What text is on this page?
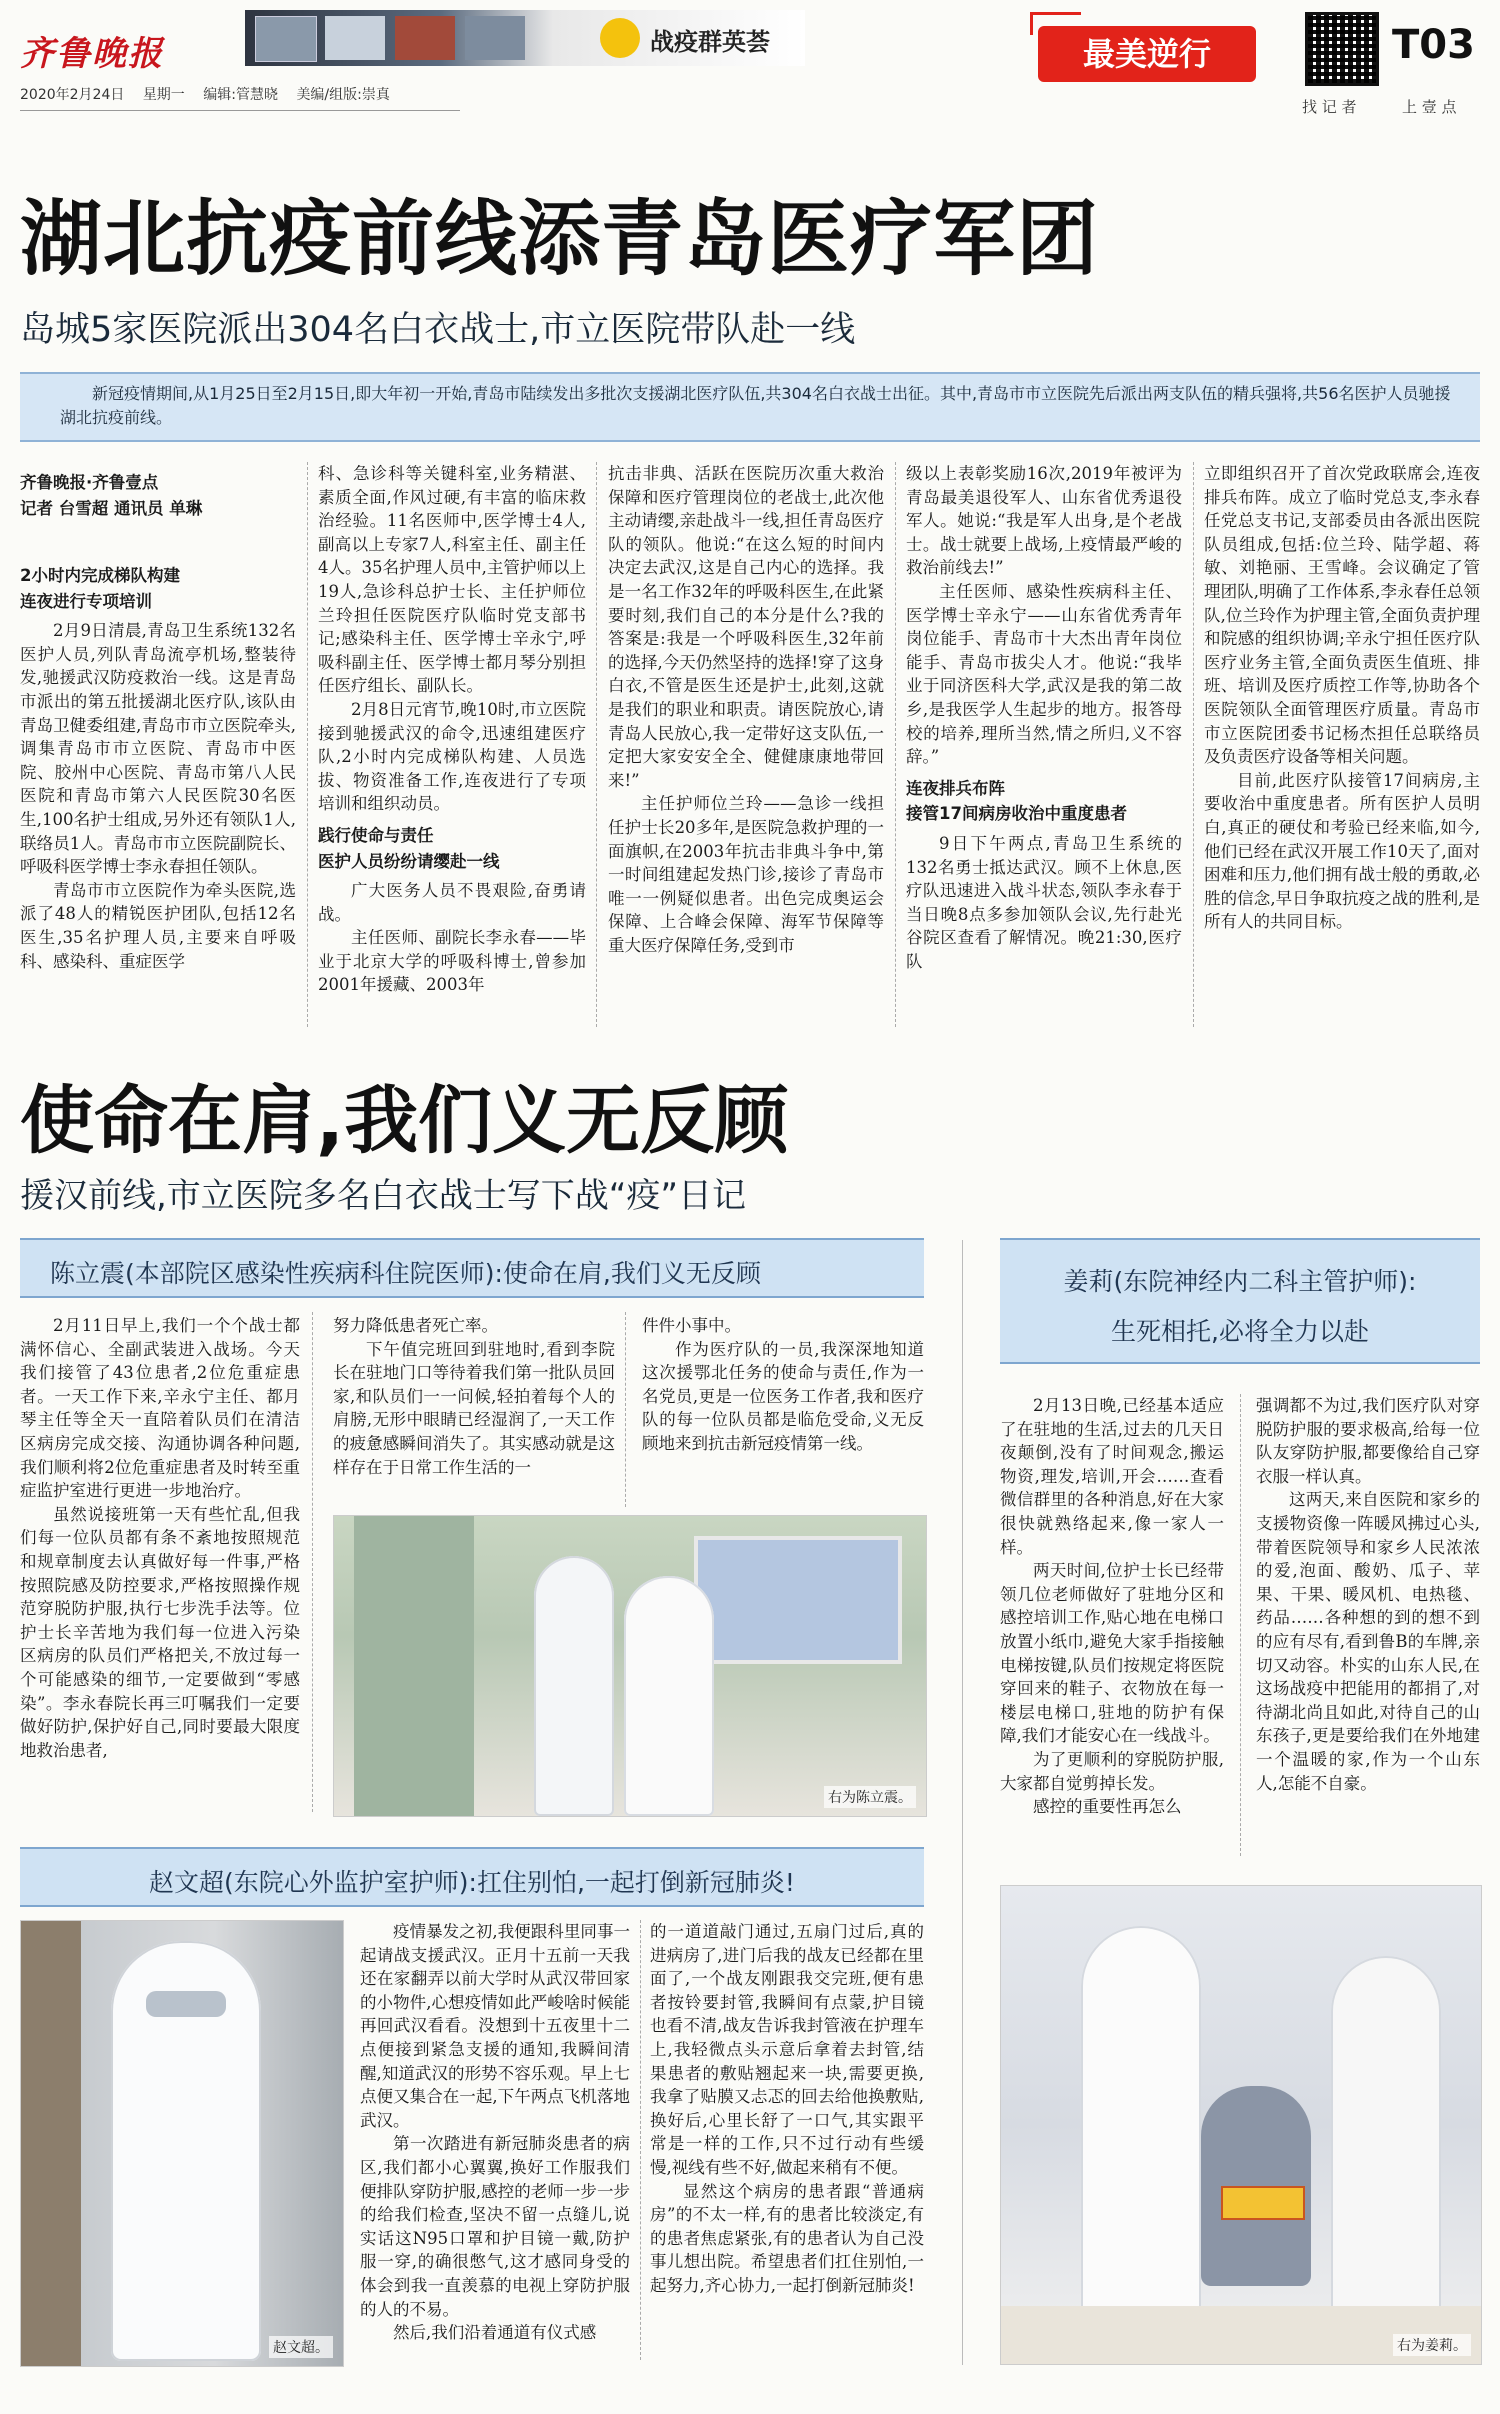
齐鲁晚报	战疫群英荟	最美逆行	T03
找 记 者	上 壹 点
2020年2月24日 星期一 编辑:管慧晓 美编/组版:崇真
湖北抗疫前线添青岛医疗军团
岛城5家医院派出304名白衣战士,市立医院带队赴一线
新冠疫情期间,从1月25日至2月15日,即大年初一开始,青岛市陆续发出多批次支援湖北医疗队伍,共304名白衣战士出征。其中,青岛市市立医院先后派出两支队伍的精兵强将,共56名医护人员驰援湖北抗疫前线。
齐鲁晚报·齐鲁壹点
记者 台雪超 通讯员 单琳

2小时内完成梯队构建

连夜进行专项培训

2月9日清晨,青岛卫生系统132名医护人员,列队青岛流亭机场,整装待发,驰援武汉防疫救治一线。这是青岛市派出的第五批援湖北医疗队,该队由青岛卫健委组建,青岛市市立医院牵头,调集青岛市市立医院、青岛市中医院、胶州中心医院、青岛市第八人民医院和青岛市第六人民医院30名医生,100名护士组成,另外还有领队1人,联络员1人。青岛市市立医院副院长、呼吸科医学博士李永春担任领队。

青岛市市立医院作为牵头医院,选派了48人的精锐医护团队,包括12名医生,35名护理人员,主要来自呼吸科、感染科、重症医学

科、急诊科等关键科室,业务精湛、素质全面,作风过硬,有丰富的临床救治经验。11名医师中,医学博士4人,副高以上专家7人,科室主任、副主任4人。35名护理人员中,主管护师以上19人,急诊科总护士长、主任护师位兰玲担任医院医疗队临时党支部书记;感染科主任、医学博士辛永宁,呼吸科副主任、医学博士都月琴分别担任医疗组长、副队长。

2月8日元宵节,晚10时,市立医院接到驰援武汉的命令,迅速组建医疗队,2小时内完成梯队构建、人员选拔、物资准备工作,连夜进行了专项培训和组织动员。

践行使命与责任

医护人员纷纷请缨赴一线

广大医务人员不畏艰险,奋勇请战。

主任医师、副院长李永春——毕业于北京大学的呼吸科博士,曾参加2001年援藏、2003年

抗击非典、活跃在医院历次重大救治保障和医疗管理岗位的老战士,此次他主动请缨,亲赴战斗一线,担任青岛医疗队的领队。他说:“在这么短的时间内决定去武汉,这是自己内心的选择。我是一名工作32年的呼吸科医生,在此紧要时刻,我们自己的本分是什么?我的答案是:我是一个呼吸科医生,32年前的选择,今天仍然坚持的选择!穿了这身白衣,不管是医生还是护士,此刻,这就是我们的职业和职责。请医院放心,请青岛人民放心,我一定带好这支队伍,一定把大家安安全全、健健康康地带回来!”

主任护师位兰玲——急诊一线担任护士长20多年,是医院急救护理的一面旗帜,在2003年抗击非典斗争中,第一时间组建起发热门诊,接诊了青岛市唯一一例疑似患者。出色完成奥运会保障、上合峰会保障、海军节保障等重大医疗保障任务,受到市

级以上表彰奖励16次,2019年被评为青岛最美退役军人、山东省优秀退役军人。她说:“我是军人出身,是个老战士。战士就要上战场,上疫情最严峻的救治前线去!”

主任医师、感染性疾病科主任、医学博士辛永宁——山东省优秀青年岗位能手、青岛市十大杰出青年岗位能手、青岛市拔尖人才。他说:“我毕业于同济医科大学,武汉是我的第二故乡,是我医学人生起步的地方。报答母校的培养,理所当然,情之所归,义不容辞。”

连夜排兵布阵

接管17间病房收治中重度患者

9日下午两点,青岛卫生系统的132名勇士抵达武汉。顾不上休息,医疗队迅速进入战斗状态,领队李永春于当日晚8点多参加领队会议,先行赴光谷院区查看了解情况。晚21:30,医疗队

立即组织召开了首次党政联席会,连夜排兵布阵。成立了临时党总支,李永春任党总支书记,支部委员由各派出医院队员组成,包括:位兰玲、陆学超、蒋敏、刘艳丽、王雪峰。会议确定了管理团队,明确了工作体系,李永春任总领队,位兰玲作为护理主管,全面负责护理和院感的组织协调;辛永宁担任医疗队医疗业务主管,全面负责医生值班、排班、培训及医疗质控工作等,协助各个医院领队全面管理医疗质量。青岛市市立医院团委书记杨杰担任总联络员及负责医疗设备等相关问题。

目前,此医疗队接管17间病房,主要收治中重度患者。所有医护人员明白,真正的硬仗和考验已经来临,如今,他们已经在武汉开展工作10天了,面对困难和压力,他们拥有战士般的勇敢,必胜的信念,早日争取抗疫之战的胜利,是所有人的共同目标。

使命在肩,我们义无反顾
援汉前线,市立医院多名白衣战士写下战“疫”日记
陈立震(本部院区感染性疾病科住院医师):使命在肩,我们义无反顾

2月11日早上,我们一个个战士都满怀信心、全副武装进入战场。今天我们接管了43位患者,2位危重症患者。一天工作下来,辛永宁主任、都月琴主任等全天一直陪着队员们在清洁区病房完成交接、沟通协调各种问题,我们顺利将2位危重症患者及时转至重症监护室进行更进一步地治疗。

虽然说接班第一天有些忙乱,但我们每一位队员都有条不紊地按照规范和规章制度去认真做好每一件事,严格按照院感及防控要求,严格按照操作规范穿脱防护服,执行七步洗手法等。位护士长辛苦地为我们每一位进入污染区病房的队员们严格把关,不放过每一个可能感染的细节,一定要做到“零感染”。李永春院长再三叮嘱我们一定要做好防护,保护好自己,同时要最大限度地救治患者,

努力降低患者死亡率。

下午值完班回到驻地时,看到李院长在驻地门口等待着我们第一批队员回家,和队员们一一问候,轻拍着每个人的肩膀,无形中眼睛已经湿润了,一天工作的疲惫感瞬间消失了。其实感动就是这样存在于日常工作生活的一

件件小事中。

作为医疗队的一员,我深深地知道这次援鄂北任务的使命与责任,作为一名党员,更是一位医务工作者,我和医疗队的每一位队员都是临危受命,义无反顾地来到抗击新冠疫情第一线。

右为陈立震。
姜莉(东院神经内二科主管护师):
生死相托,必将全力以赴

2月13日晚,已经基本适应了在驻地的生活,过去的几天日夜颠倒,没有了时间观念,搬运物资,理发,培训,开会……查看微信群里的各种消息,好在大家很快就熟络起来,像一家人一样。

两天时间,位护士长已经带领几位老师做好了驻地分区和感控培训工作,贴心地在电梯口放置小纸巾,避免大家手指接触电梯按键,队员们按规定将医院穿回来的鞋子、衣物放在每一楼层电梯口,驻地的防护有保障,我们才能安心在一线战斗。

为了更顺利的穿脱防护服,大家都自觉剪掉长发。

感控的重要性再怎么

强调都不为过,我们医疗队对穿脱防护服的要求极高,给每一位队友穿防护服,都要像给自己穿衣服一样认真。

这两天,来自医院和家乡的支援物资像一阵暖风拂过心头,带着医院领导和家乡人民浓浓的爱,泡面、酸奶、瓜子、苹果、干果、暖风机、电热毯、药品……各种想的到的想不到的应有尽有,看到鲁B的车牌,亲切又动容。朴实的山东人民,在这场战疫中把能用的都捐了,对待湖北尚且如此,对待自己的山东孩子,更是要给我们在外地建一个温暖的家,作为一个山东人,怎能不自豪。

右为姜莉。
赵文超(东院心外监护室护师):扛住别怕,一起打倒新冠肺炎!
赵文超。

疫情暴发之初,我便跟科里同事一起请战支援武汉。正月十五前一天我还在家翻弄以前大学时从武汉带回家的小物件,心想疫情如此严峻啥时候能再回武汉看看。没想到十五夜里十二点便接到紧急支援的通知,我瞬间清醒,知道武汉的形势不容乐观。早上七点便又集合在一起,下午两点飞机落地武汉。

第一次踏进有新冠肺炎患者的病区,我们都小心翼翼,换好工作服我们便排队穿防护服,感控的老师一步一步的给我们检查,坚决不留一点缝儿,说实话这N95口罩和护目镜一戴,防护服一穿,的确很憋气,这才感同身受的体会到我一直羡慕的电视上穿防护服的人的不易。

然后,我们沿着通道有仪式感

的一道道敲门通过,五扇门过后,真的进病房了,进门后我的战友已经都在里面了,一个战友刚跟我交完班,便有患者按铃要封管,我瞬间有点蒙,护目镜也看不清,战友告诉我封管液在护理车上,我轻微点头示意后拿着去封管,结果患者的敷贴翘起来一块,需要更换,我拿了贴膜又忐忑的回去给他换敷贴,换好后,心里长舒了一口气,其实跟平常是一样的工作,只不过行动有些缓慢,视线有些不好,做起来稍有不便。

显然这个病房的患者跟“普通病房”的不太一样,有的患者比较淡定,有的患者焦虑紧张,有的患者认为自己没事儿想出院。希望患者们扛住别怕,一起努力,齐心协力,一起打倒新冠肺炎!
